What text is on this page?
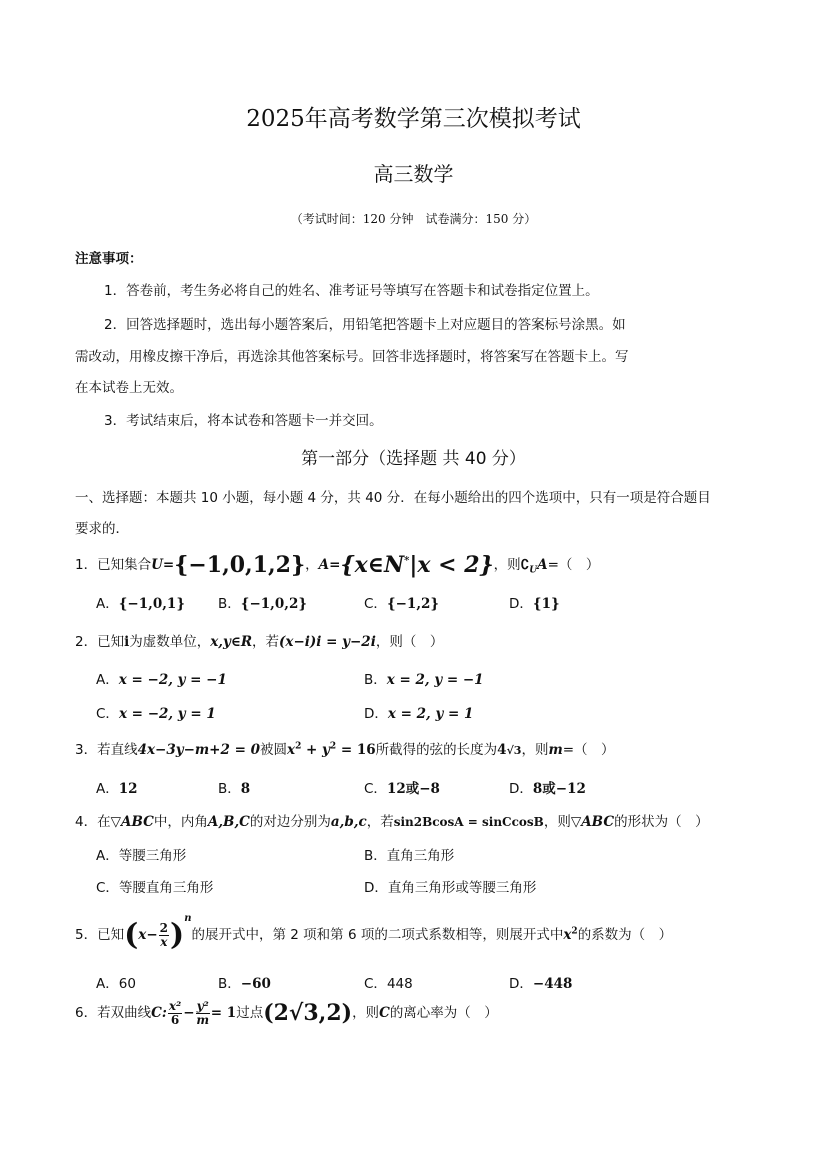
2025年高考数学第三次模拟考试
高三数学
（考试时间：120 分钟　试卷满分：150 分）
注意事项：
1．答卷前，考生务必将自己的姓名、准考证号等填写在答题卡和试卷指定位置上。
2．回答选择题时，选出每小题答案后，用铅笔把答题卡上对应题目的答案标号涂黑。如
需改动，用橡皮擦干净后，再选涂其他答案标号。回答非选择题时，将答案写在答题卡上。写
在本试卷上无效。
3．考试结束后，将本试卷和答题卡一并交回。
第一部分（选择题 共 40 分）
一、选择题：本题共 10 小题，每小题 4 分，共 40 分．在每小题给出的四个选项中，只有一项是符合题目
要求的．
1．已知集合U={−1,0,1,2}，A={x∈N*|x < 2}，则$∁_UA=$（　）
A．{−1,0,1} B．{−1,0,2}	C．{−1,2}	D．{1}
2．已知i为虚数单位，x,y∈R，若(x−i)i = y−2i，则（　）
A．x = −2, y = −1	B．x = 2, y = −1
C．x = −2, y = 1	D．x = 2, y = 1
3．若直线4x−3y−m+2 = 0被圆$x^2 + y^2 = 16$所截得的弦的长度为4√3，则m=（　）
A．12	B．8	C．12或−8	D．8或−12
4．在▽ABC中，内角A,B,C的对边分别为a,b,c，若sin2BcosA = sinCcosB，则▽ABC的形状为（　）
A．等腰三角形	B．直角三角形
C．等腰直角三角形	D．直角三角形或等腰三角形
5．已知$(x- \frac{2}{x} )^n$的展开式中，第 2 项和第 6 项的二项式系数相等，则展开式中$x^2$的系数为（　）
A．60	B．−60	C．448	D．−448
6．若双曲线C: $\frac{\text{x²}}{6} - \frac{\text{y²}}{m} = 1$过点(2√3,2)，则C的离心率为（　）
